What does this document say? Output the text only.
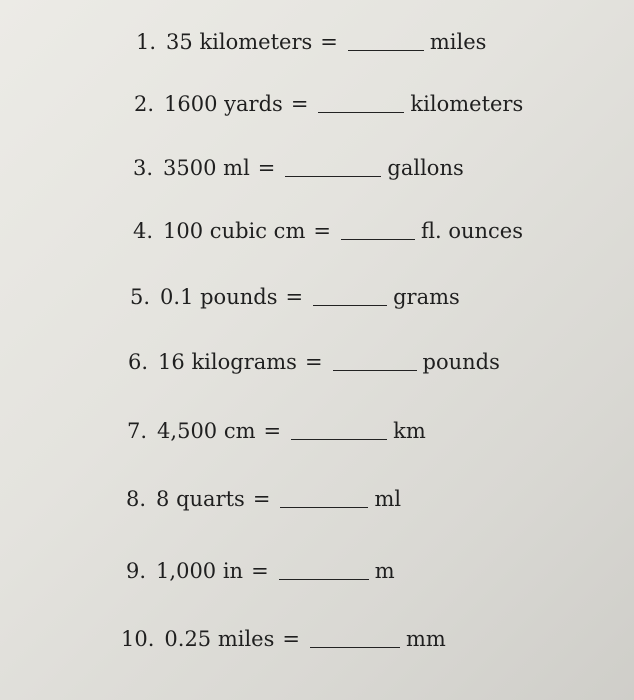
1. 35 kilometers =	miles
2. 1600 yards =	kilometers
3. 3500 ml =	gallons
4. 100 cubic cm =	fl. ounces
5. 0.1 pounds =	grams
6. 16 kilograms =	pounds
7. 4,500 cm =	km
8. 8 quarts =	ml
9. 1,000 in =	m
10. 0.25 miles =	mm
